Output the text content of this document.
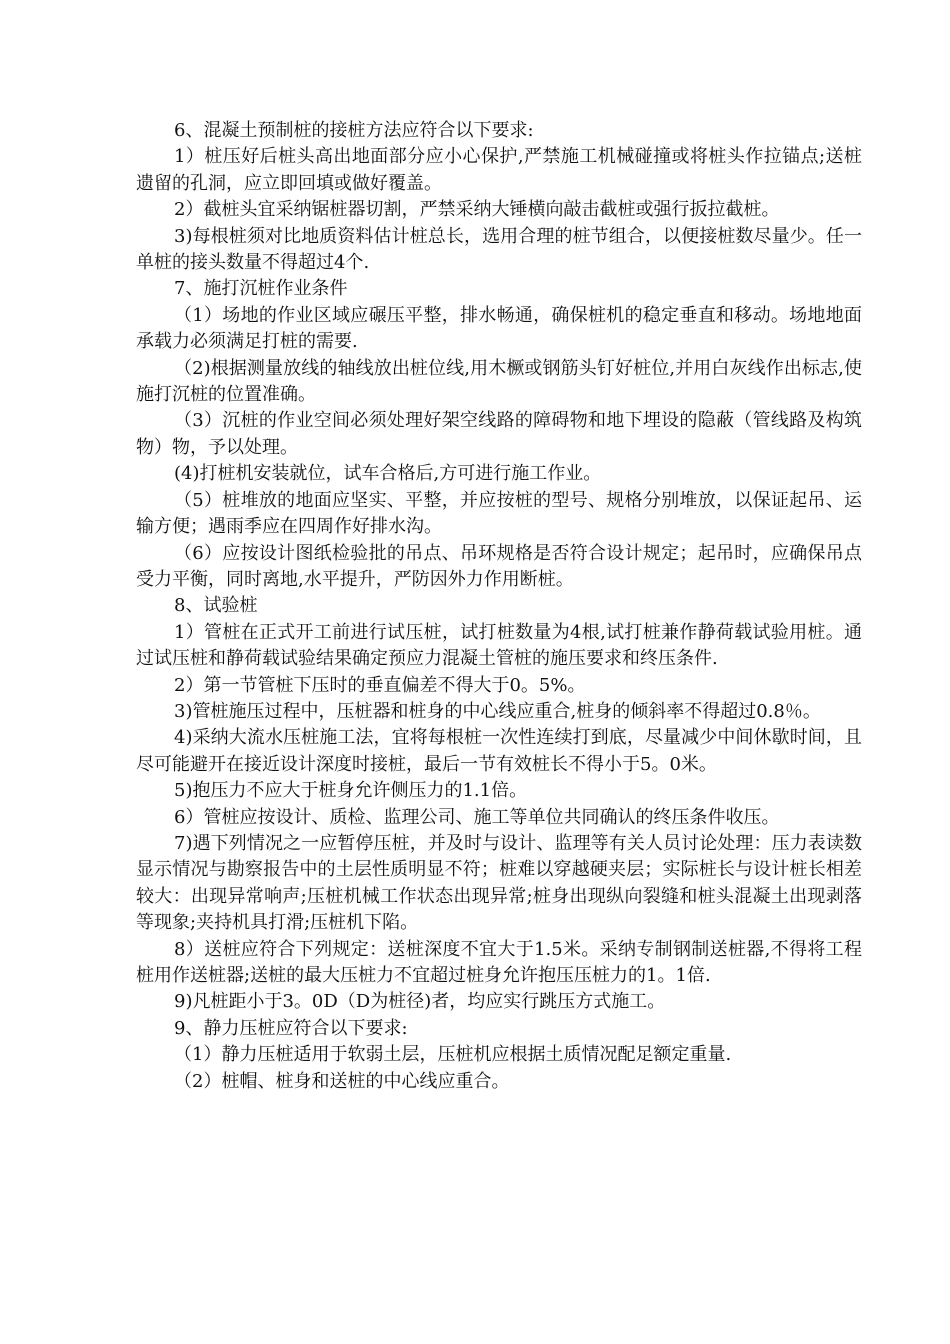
6、混凝土预制桩的接桩方法应符合以下要求:

1）桩压好后桩头高出地面部分应小心保护,严禁施工机械碰撞或将桩头作拉锚点;送桩遗留的孔洞，应立即回填或做好覆盖。

2）截桩头宜采纳锯桩器切割，严禁采纳大锤横向敲击截桩或强行扳拉截桩。

3)每根桩须对比地质资料估计桩总长，选用合理的桩节组合，以便接桩数尽量少。任一单桩的接头数量不得超过4个.

7、施打沉桩作业条件

（1）场地的作业区域应碾压平整，排水畅通，确保桩机的稳定垂直和移动。场地地面承载力必须满足打桩的需要.

（2)根据测量放线的轴线放出桩位线,用木橛或钢筋头钉好桩位,并用白灰线作出标志,使施打沉桩的位置准确。

（3）沉桩的作业空间必须处理好架空线路的障碍物和地下埋设的隐蔽（管线路及构筑物）物，予以处理。

(4)打桩机安装就位，试车合格后,方可进行施工作业。

（5）桩堆放的地面应坚实、平整，并应按桩的型号、规格分别堆放，以保证起吊、运输方便；遇雨季应在四周作好排水沟。

（6）应按设计图纸检验批的吊点、吊环规格是否符合设计规定；起吊时，应确保吊点受力平衡，同时离地,水平提升，严防因外力作用断桩。

8、试验桩

1）管桩在正式开工前进行试压桩，试打桩数量为4根,试打桩兼作静荷载试验用桩。通过试压桩和静荷载试验结果确定预应力混凝土管桩的施压要求和终压条件.

2）第一节管桩下压时的垂直偏差不得大于0。5%。

3)管桩施压过程中，压桩器和桩身的中心线应重合,桩身的倾斜率不得超过0.8％。

4)采纳大流水压桩施工法，宜将每根桩一次性连续打到底，尽量减少中间休歇时间，且尽可能避开在接近设计深度时接桩，最后一节有效桩长不得小于5。0米。

5)抱压力不应大于桩身允许侧压力的1.1倍。

6）管桩应按设计、质检、监理公司、施工等单位共同确认的终压条件收压。

7)遇下列情况之一应暂停压桩，并及时与设计、监理等有关人员讨论处理：压力表读数显示情况与勘察报告中的土层性质明显不符；桩难以穿越硬夹层；实际桩长与设计桩长相差较大：出现异常响声;压桩机械工作状态出现异常;桩身出现纵向裂缝和桩头混凝土出现剥落等现象;夹持机具打滑;压桩机下陷。

8）送桩应符合下列规定：送桩深度不宜大于1.5米。采纳专制钢制送桩器,不得将工程桩用作送桩器;送桩的最大压桩力不宜超过桩身允许抱压压桩力的1。1倍.

9)凡桩距小于3。0D（D为桩径)者，均应实行跳压方式施工。

9、静力压桩应符合以下要求:

（1）静力压桩适用于软弱土层，压桩机应根据土质情况配足额定重量.

（2）桩帽、桩身和送桩的中心线应重合。
